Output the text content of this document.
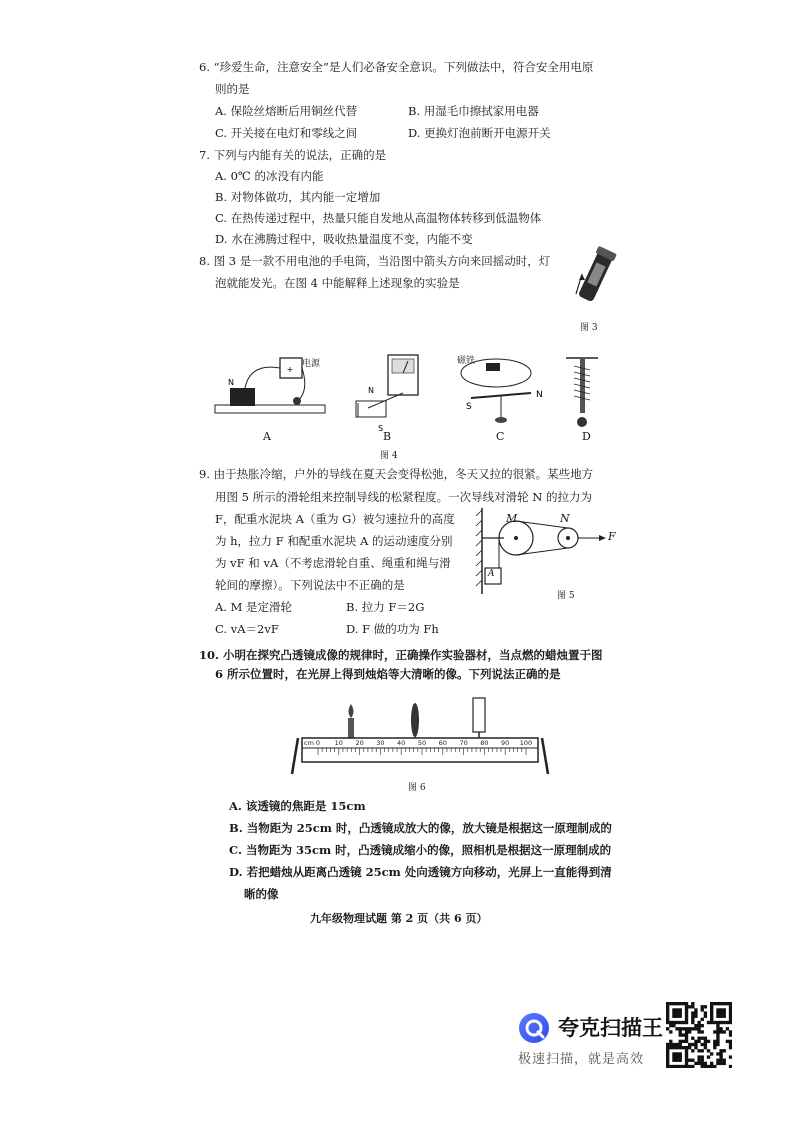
6. “珍爱生命，注意安全”是人们必备安全意识。下列做法中，符合安全用电原
则的是
A. 保险丝熔断后用铜丝代替	B. 用湿毛巾擦拭家用电器
C. 开关接在电灯和零线之间	D. 更换灯泡前断开电源开关
7. 下列与内能有关的说法，正确的是
A. 0℃ 的冰没有内能
B. 对物体做功，其内能一定增加
C. 在热传递过程中，热量只能自发地从高温物体转移到低温物体
D. 水在沸腾过程中，吸收热量温度不变，内能不变
8. 图 3 是一款不用电池的手电筒，当沿图中箭头方向来回摇动时，灯
泡就能发光。在图 4 中能解释上述现象的实验是
图 3
+
N
电源
A
N
S
B
S
N
磁铁
C	D
图 4
9. 由于热胀冷缩，户外的导线在夏天会变得松弛，冬天又拉的很紧。某些地方
用图 5 所示的滑轮组来控制导线的松紧程度。一次导线对滑轮 N 的拉力为
F，配重水泥块 A（重为 G）被匀速拉升的高度
为 h，拉力 F 和配重水泥块 A 的运动速度分别
为 vF 和 vA（不考虑滑轮自重、绳重和绳与滑
轮间的摩擦）。下列说法中不正确的是
A. M 是定滑轮	B. 拉力 F＝2G
C. vA＝2vF	D. F 做的功为 Fh
M	N
F
A
图 5
10. 小明在探究凸透镜成像的规律时，正确操作实验器材，当点燃的蜡烛置于图
6 所示位置时，在光屏上得到烛焰等大清晰的像。下列说法正确的是
cm 0 10 20 30 40 50 60 70 80 90 100
图 6
A. 该透镜的焦距是 15cm
B. 当物距为 25cm 时，凸透镜成放大的像，放大镜是根据这一原理制成的
C. 当物距为 35cm 时，凸透镜成缩小的像，照相机是根据这一原理制成的
D. 若把蜡烛从距离凸透镜 25cm 处向透镜方向移动，光屏上一直能得到清
晰的像
九年级物理试题 第 2 页（共 6 页）
夸克扫描王
极速扫描，就是高效
